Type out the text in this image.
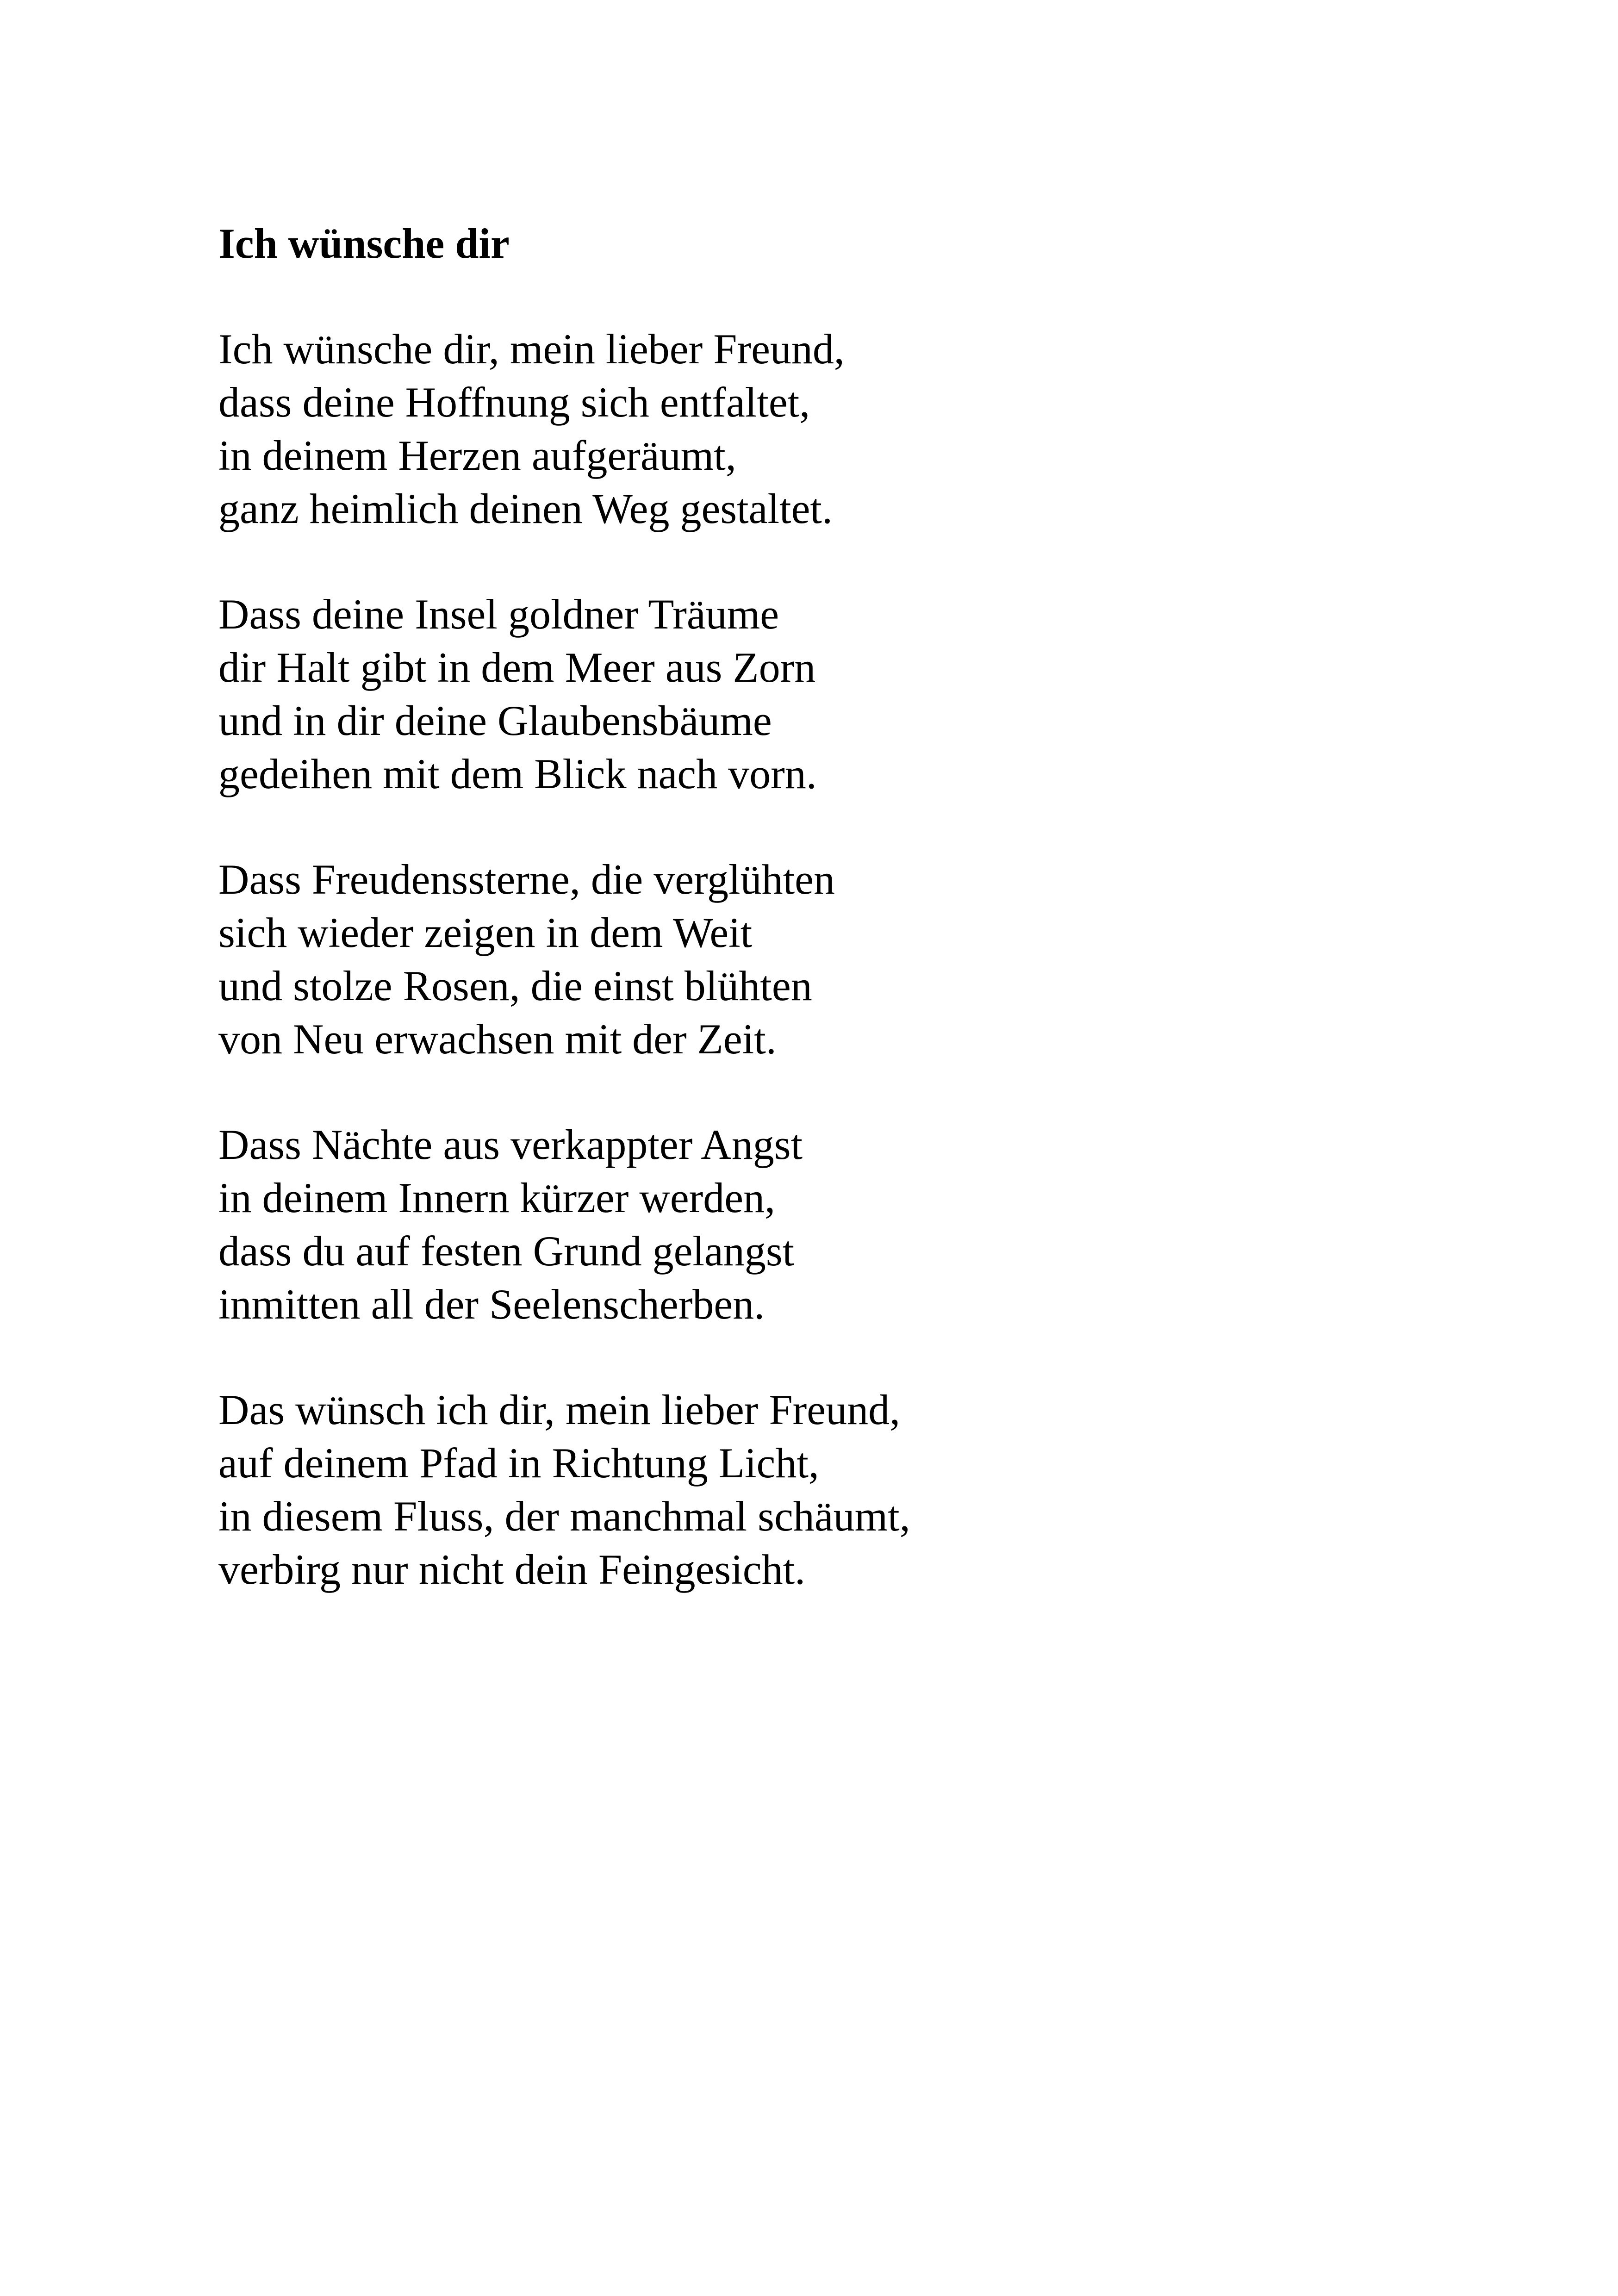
Ich wünsche dir
Ich wünsche dir, mein lieber Freund,
dass deine Hoffnung sich entfaltet,
in deinem Herzen aufgeräumt,
ganz heimlich deinen Weg gestaltet.
Dass deine Insel goldner Träume
dir Halt gibt in dem Meer aus Zorn
und in dir deine Glaubensbäume
gedeihen mit dem Blick nach vorn.
Dass Freudenssterne, die verglühten
sich wieder zeigen in dem Weit
und stolze Rosen, die einst blühten
von Neu erwachsen mit der Zeit.
Dass Nächte aus verkappter Angst
in deinem Innern kürzer werden,
dass du auf festen Grund gelangst
inmitten all der Seelenscherben.
Das wünsch ich dir, mein lieber Freund,
auf deinem Pfad in Richtung Licht,
in diesem Fluss, der manchmal schäumt,
verbirg nur nicht dein Feingesicht.
